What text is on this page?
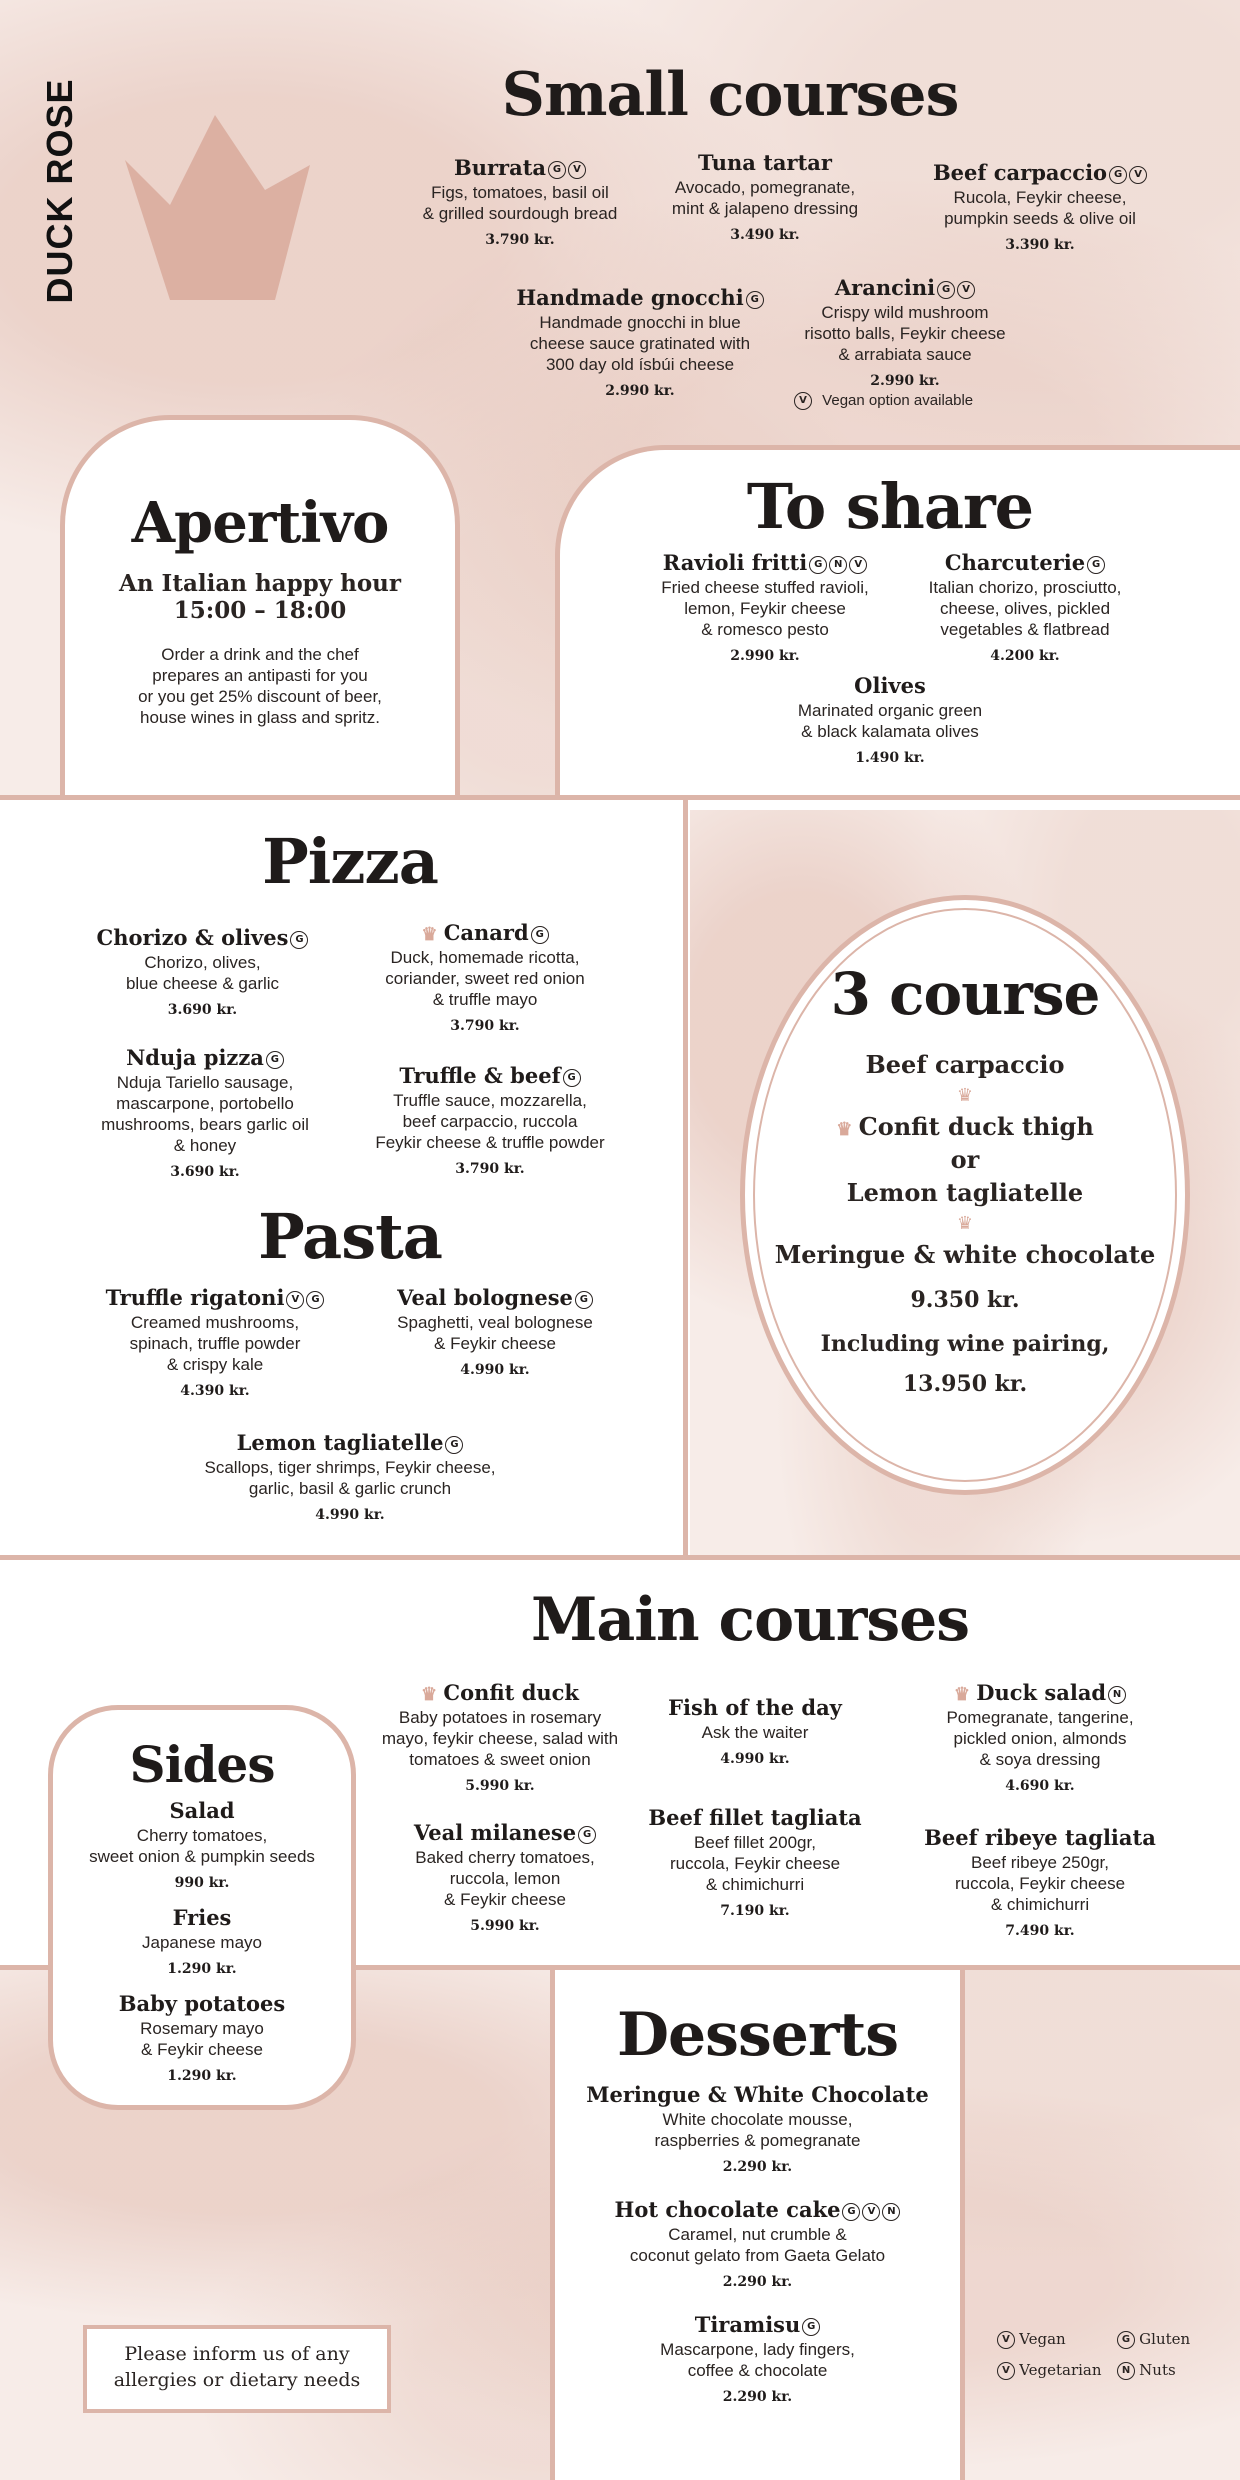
DUCK ROSE	Small courses
V Vegan option available
Apertivo
An Italian happy hour
15:00 – 18:00
Order a drink and the chef
prepares an antipasti for you
or you get 25% discount of beer,
house wines in glass and spritz.
To share
Pizza
Pasta
3 course
Beef carpaccio
♛
♛ Confit duck thigh
or
Lemon tagliatelle
♛
Meringue & white chocolate
9.350 kr.
Including wine pairing,
13.950 kr.
Main courses
Sides
Salad
Cherry tomatoes,
sweet onion & pumpkin seeds
990 kr.
Fries
Japanese mayo
1.290 kr.
Baby potatoes
Rosemary mayo
& Feykir cheese
1.290 kr.
Desserts
Meringue & White Chocolate
White chocolate mousse,
raspberries & pomegranate
2.290 kr.
Hot chocolate cake G V N
Caramel, nut crumble &
coconut gelato from Gaeta Gelato
2.290 kr.
Tiramisu G
Mascarpone, lady fingers,
coffee & chocolate
2.290 kr.
Please inform us of any
allergies or dietary needs
V Vegan	G Gluten
V Vegetarian	N Nuts
Burrata G V
Figs, tomatoes, basil oil
& grilled sourdough bread
3.790 kr.
Tuna tartar
Avocado, pomegranate,
mint & jalapeno dressing
3.490 kr.
Beef carpaccio G V
Rucola, Feykir cheese,
pumpkin seeds & olive oil
3.390 kr.
Handmade gnocchi G
Handmade gnocchi in blue
cheese sauce gratinated with
300 day old ísbúi cheese
2.990 kr.
Arancini G V
Crispy wild mushroom
risotto balls, Feykir cheese
& arrabiata sauce
2.990 kr.
Ravioli fritti G N V
Fried cheese stuffed ravioli,
lemon, Feykir cheese
& romesco pesto
2.990 kr.
Charcuterie G
Italian chorizo, prosciutto,
cheese, olives, pickled
vegetables & flatbread
4.200 kr.
Olives
Marinated organic green
& black kalamata olives
1.490 kr.
Chorizo & olives G
Chorizo, olives,
blue cheese & garlic
3.690 kr.
♛ Canard G
Duck, homemade ricotta,
coriander, sweet red onion
& truffle mayo
3.790 kr.
Nduja pizza G
Nduja Tariello sausage,
mascarpone, portobello
mushrooms, bears garlic oil
& honey
3.690 kr.
Truffle & beef G
Truffle sauce, mozzarella,
beef carpaccio, ruccola
Feykir cheese & truffle powder
3.790 kr.
Truffle rigatoni V G
Creamed mushrooms,
spinach, truffle powder
& crispy kale
4.390 kr.
Veal bolognese G
Spaghetti, veal bolognese
& Feykir cheese
4.990 kr.
Lemon tagliatelle G
Scallops, tiger shrimps, Feykir cheese,
garlic, basil & garlic crunch
4.990 kr.
♛ Confit duck
Baby potatoes in rosemary
mayo, feykir cheese, salad with
tomatoes & sweet onion
5.990 kr.
Fish of the day
Ask the waiter
4.990 kr.
♛ Duck salad N
Pomegranate, tangerine,
pickled onion, almonds
& soya dressing
4.690 kr.
Veal milanese G
Baked cherry tomatoes,
ruccola, lemon
& Feykir cheese
5.990 kr.
Beef fillet tagliata
Beef fillet 200gr,
ruccola, Feykir cheese
& chimichurri
7.190 kr.
Beef ribeye tagliata
Beef ribeye 250gr,
ruccola, Feykir cheese
& chimichurri
7.490 kr.
